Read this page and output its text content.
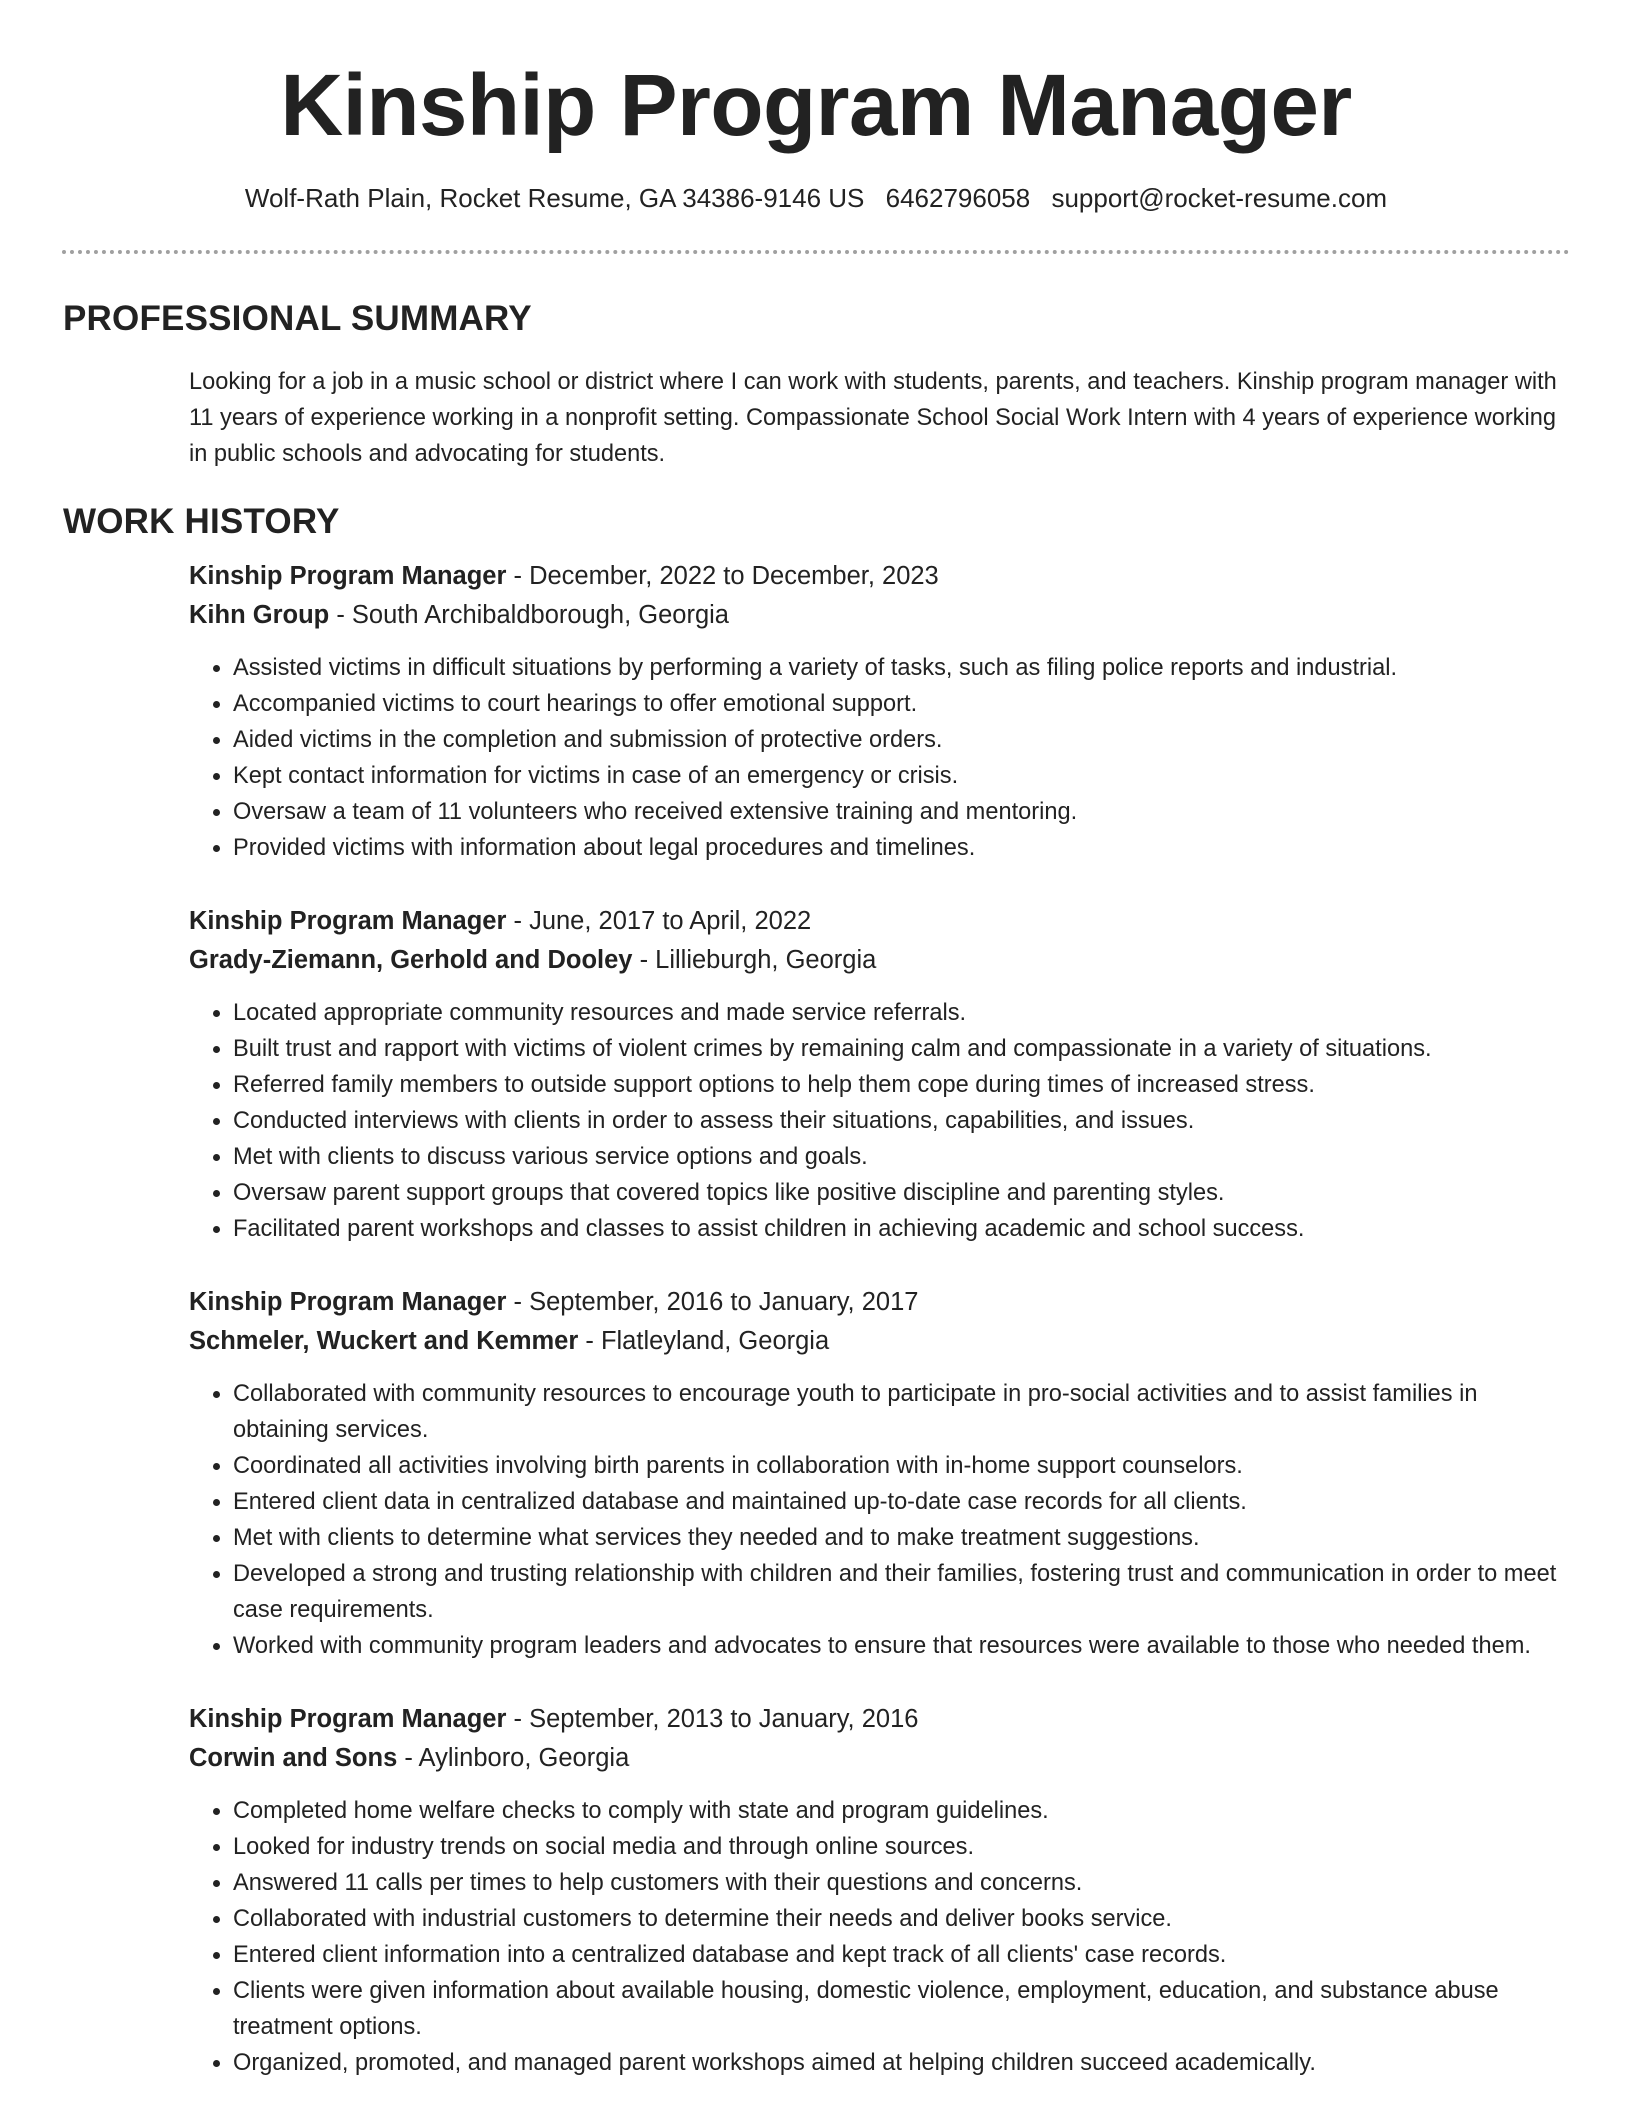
Kinship Program Manager
Wolf-Rath Plain, Rocket Resume, GA 34386-9146 US 6462796058 support@rocket-resume.com
PROFESSIONAL SUMMARY

Looking for a job in a music school or district where I can work with students, parents, and teachers. Kinship program manager with 11 years of experience working in a nonprofit setting. Compassionate School Social Work Intern with 4 years of experience working in public schools and advocating for students.

WORK HISTORY
Kinship Program Manager - December, 2022 to December, 2023
Kihn Group - South Archibaldborough, Georgia
• Assisted victims in difficult situations by performing a variety of tasks, such as filing police reports and industrial.
• Accompanied victims to court hearings to offer emotional support.
• Aided victims in the completion and submission of protective orders.
• Kept contact information for victims in case of an emergency or crisis.
• Oversaw a team of 11 volunteers who received extensive training and mentoring.
• Provided victims with information about legal procedures and timelines.
Kinship Program Manager - June, 2017 to April, 2022
Grady-Ziemann, Gerhold and Dooley - Lillieburgh, Georgia
• Located appropriate community resources and made service referrals.
• Built trust and rapport with victims of violent crimes by remaining calm and compassionate in a variety of situations.
• Referred family members to outside support options to help them cope during times of increased stress.
• Conducted interviews with clients in order to assess their situations, capabilities, and issues.
• Met with clients to discuss various service options and goals.
• Oversaw parent support groups that covered topics like positive discipline and parenting styles.
• Facilitated parent workshops and classes to assist children in achieving academic and school success.
Kinship Program Manager - September, 2016 to January, 2017
Schmeler, Wuckert and Kemmer - Flatleyland, Georgia
• Collaborated with community resources to encourage youth to participate in pro-social activities and to assist families in obtaining services.
• Coordinated all activities involving birth parents in collaboration with in-home support counselors.
• Entered client data in centralized database and maintained up-to-date case records for all clients.
• Met with clients to determine what services they needed and to make treatment suggestions.
• Developed a strong and trusting relationship with children and their families, fostering trust and communication in order to meet case requirements.
• Worked with community program leaders and advocates to ensure that resources were available to those who needed them.
Kinship Program Manager - September, 2013 to January, 2016
Corwin and Sons - Aylinboro, Georgia
• Completed home welfare checks to comply with state and program guidelines.
• Looked for industry trends on social media and through online sources.
• Answered 11 calls per times to help customers with their questions and concerns.
• Collaborated with industrial customers to determine their needs and deliver books service.
• Entered client information into a centralized database and kept track of all clients' case records.
• Clients were given information about available housing, domestic violence, employment, education, and substance abuse treatment options.
• Organized, promoted, and managed parent workshops aimed at helping children succeed academically.
